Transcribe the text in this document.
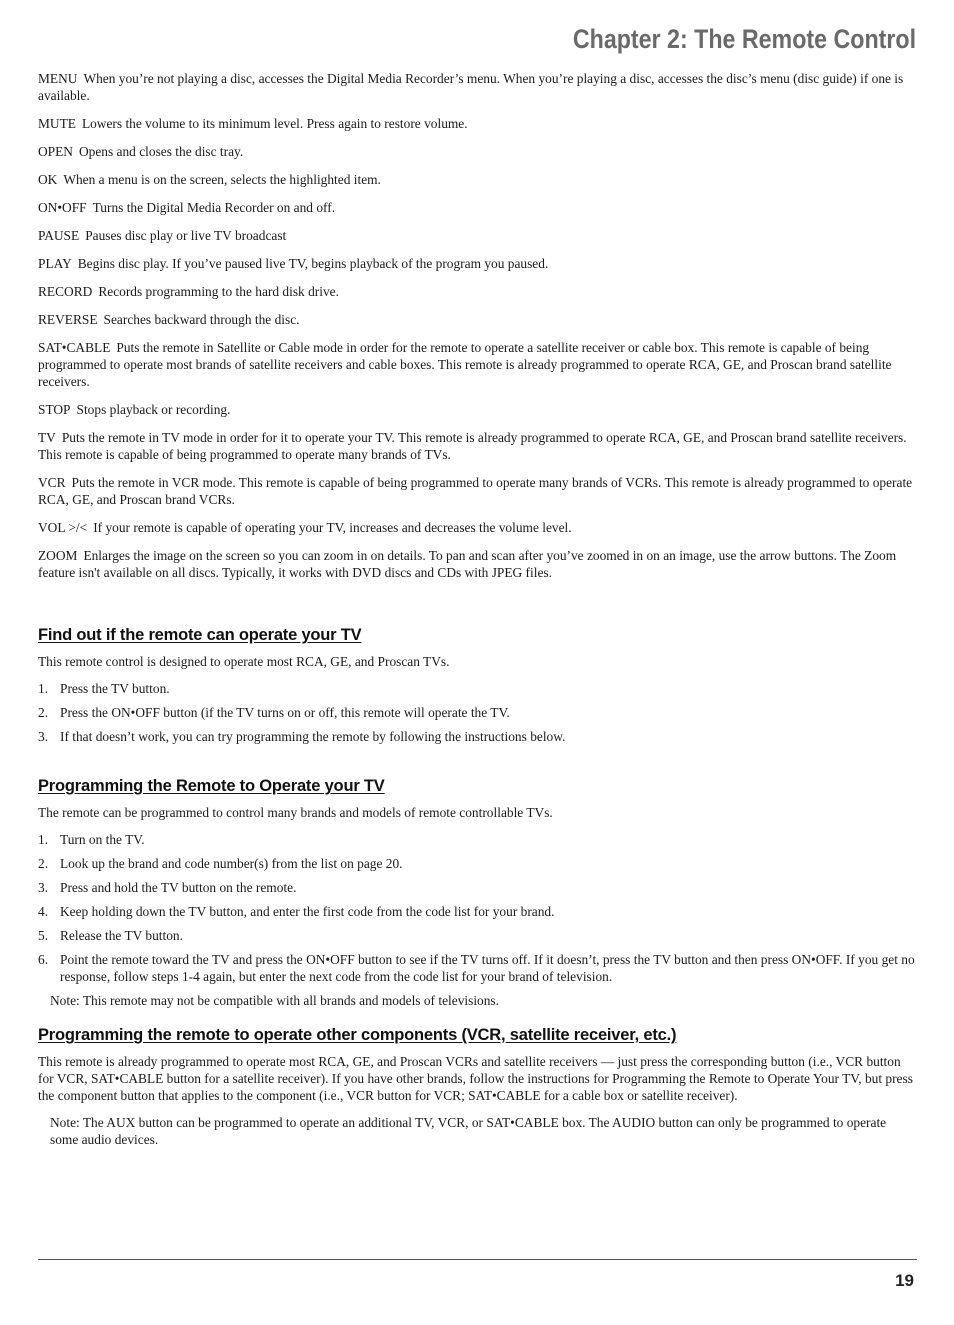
Chapter 2: The Remote Control

MENU When you’re not playing a disc, accesses the Digital Media Recorder’s menu. When you’re playing a disc, accesses the disc’s menu (disc guide) if one is available.

MUTE Lowers the volume to its minimum level. Press again to restore volume.

OPEN Opens and closes the disc tray.

OK When a menu is on the screen, selects the highlighted item.

ON•OFF Turns the Digital Media Recorder on and off.

PAUSE Pauses disc play or live TV broadcast

PLAY Begins disc play. If you’ve paused live TV, begins playback of the program you paused.

RECORD Records programming to the hard disk drive.

REVERSE Searches backward through the disc.

SAT•CABLE Puts the remote in Satellite or Cable mode in order for the remote to operate a satellite receiver or cable box. This remote is capable of being programmed to operate most brands of satellite receivers and cable boxes. This remote is already programmed to operate RCA, GE, and Proscan brand satellite receivers.

STOP Stops playback or recording.

TV Puts the remote in TV mode in order for it to operate your TV. This remote is already programmed to operate RCA, GE, and Proscan brand satellite receivers. This remote is capable of being programmed to operate many brands of TVs.

VCR Puts the remote in VCR mode. This remote is capable of being programmed to operate many brands of VCRs. This remote is already programmed to operate RCA, GE, and Proscan brand VCRs.

VOL >/< If your remote is capable of operating your TV, increases and decreases the volume level.

ZOOM Enlarges the image on the screen so you can zoom in on details. To pan and scan after you’ve zoomed in on an image, use the arrow buttons. The Zoom feature isn't available on all discs. Typically, it works with DVD discs and CDs with JPEG files.

Find out if the remote can operate your TV

This remote control is designed to operate most RCA, GE, and Proscan TVs.

1. Press the TV button.
2. Press the ON•OFF button (if the TV turns on or off, this remote will operate the TV.
3. If that doesn’t work, you can try programming the remote by following the instructions below.
Programming the Remote to Operate your TV

The remote can be programmed to control many brands and models of remote controllable TVs.

1. Turn on the TV.
2. Look up the brand and code number(s) from the list on page 20.
3. Press and hold the TV button on the remote.
4. Keep holding down the TV button, and enter the first code from the code list for your brand.
5. Release the TV button.
6. Point the remote toward the TV and press the ON•OFF button to see if the TV turns off. If it doesn’t, press the TV button and then press ON•OFF. If you get no response, follow steps 1-4 again, but enter the next code from the code list for your brand of television.

Note: This remote may not be compatible with all brands and models of televisions.

Programming the remote to operate other components (VCR, satellite receiver, etc.)

This remote is already programmed to operate most RCA, GE, and Proscan VCRs and satellite receivers — just press the corresponding button (i.e., VCR button for VCR, SAT•CABLE button for a satellite receiver). If you have other brands, follow the instructions for Programming the Remote to Operate Your TV, but press the component button that applies to the component (i.e., VCR button for VCR; SAT•CABLE for a cable box or satellite receiver).

Note: The AUX button can be programmed to operate an additional TV, VCR, or SAT•CABLE box. The AUDIO button can only be programmed to operate some audio devices.

19
